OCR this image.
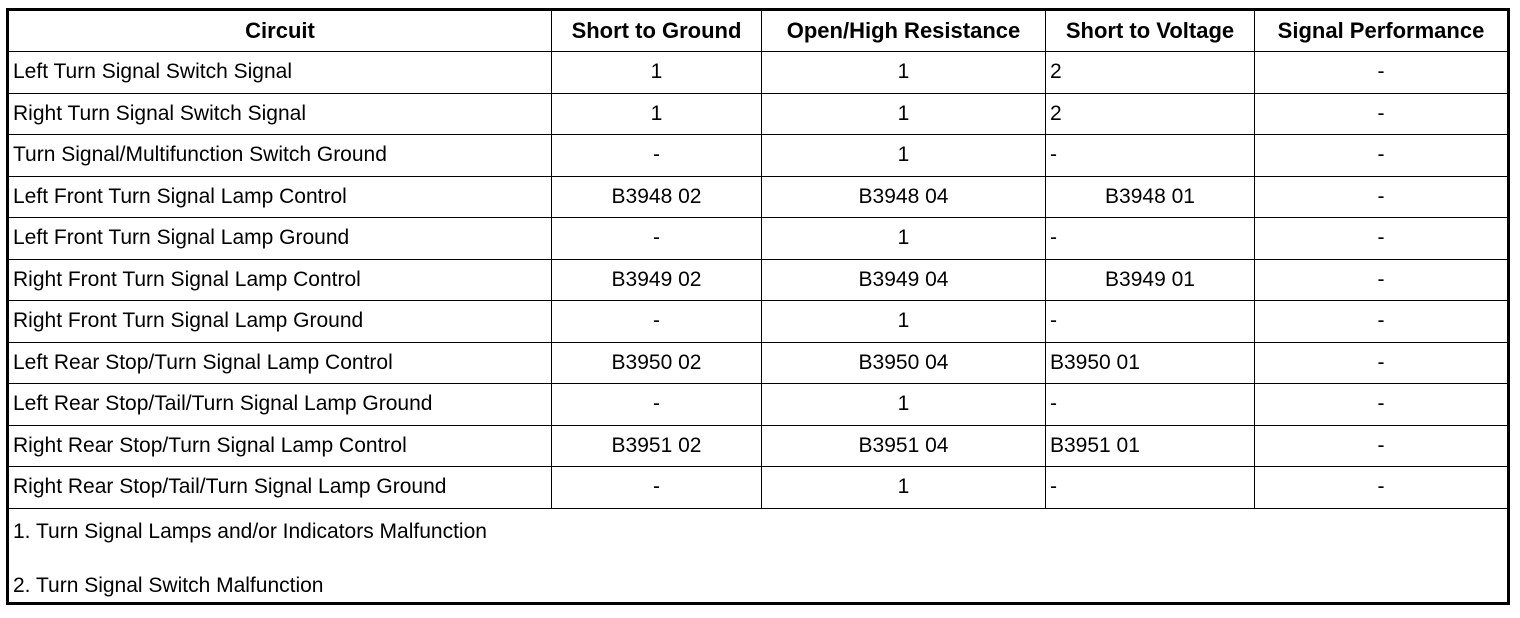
Circuit	Short to Ground	Open/High Resistance	Short to Voltage	Signal Performance
Left Turn Signal Switch Signal	1	1	2	-
Right Turn Signal Switch Signal	1	1	2	-
Turn Signal/Multifunction Switch Ground	-	1	-	-
Left Front Turn Signal Lamp Control	B3948 02	B3948 04	B3948 01	-
Left Front Turn Signal Lamp Ground	-	1	-	-
Right Front Turn Signal Lamp Control	B3949 02	B3949 04	B3949 01	-
Right Front Turn Signal Lamp Ground	-	1	-	-
Left Rear Stop/Turn Signal Lamp Control	B3950 02	B3950 04	B3950 01	-
Left Rear Stop/Tail/Turn Signal Lamp Ground	-	1	-	-
Right Rear Stop/Turn Signal Lamp Control	B3951 02	B3951 04	B3951 01	-
Right Rear Stop/Tail/Turn Signal Lamp Ground	-	1	-	-

1. Turn Signal Lamps and/or Indicators Malfunction
2. Turn Signal Switch Malfunction				
